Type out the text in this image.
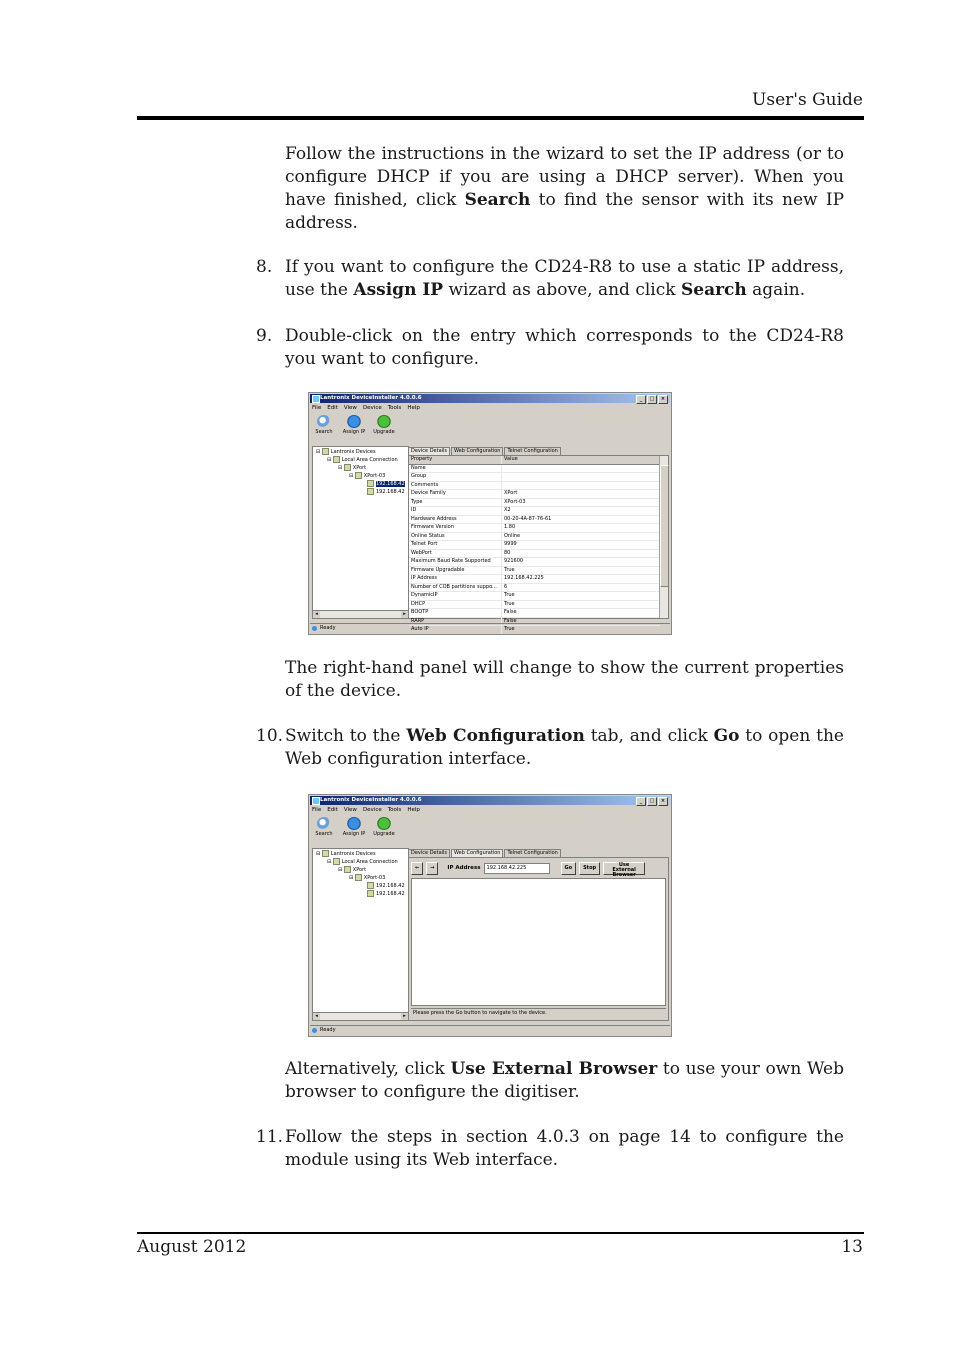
User's Guide
Follow the instructions in the wizard to set the IP address (or to configure DHCP if you are using a DHCP server). When you have finished, click Search to find the sensor with its new IP address.
8. If you want to configure the CD24-R8 to use a static IP address, use the Assign IP wizard as above, and click Search again.
9. Double-click on the entry which corresponds to the CD24-R8 you want to configure.
Lantronix DeviceInstaller 4.0.0.6	_	□	×
File Edit View Device Tools Help
Search	Assign IP Upgrade
⊟ Lantronix Devices
⊟ Local Area Connection
⊟ XPort
⊟ XPort-03
192.168.42
192.168.42
◂	▸
Device Details	Web Configuration	Telnet Configuration
Property	Value
Name
Group
Comments
Device Family	XPort
Type	XPort-03
ID	X2
Hardware Address	00-20-4A-87-76-61
Firmware Version	1.80
Online Status	Online
Telnet Port	9999
WebPort	80
Maximum Baud Rate Supported	921600
Firmware Upgradable	True
IP Address	192.168.42.225
Number of COB partitions suppo...	6
DynamicIP	True
DHCP	True
BOOTP	False
RARP	False
Auto IP	True
Ready
The right-hand panel will change to show the current properties of the device.
10. Switch to the Web Configuration tab, and click Go to open the Web configuration interface.
Lantronix DeviceInstaller 4.0.0.6	_	□	×
File Edit View Device Tools Help
Search	Assign IP Upgrade
⊟ Lantronix Devices
⊟ Local Area Connection
⊟ XPort
⊟ XPort-03
192.168.42
192.168.42
◂	▸
Device Details	Web Configuration	Telnet Configuration
←	→	IP Address	192.168.42.225	Go	Stop	Use External Browser
Please press the Go button to navigate to the device.
Ready
Alternatively, click Use External Browser to use your own Web browser to configure the digitiser.
11. Follow the steps in section 4.0.3 on page 14 to configure the module using its Web interface.
August 2012	13
